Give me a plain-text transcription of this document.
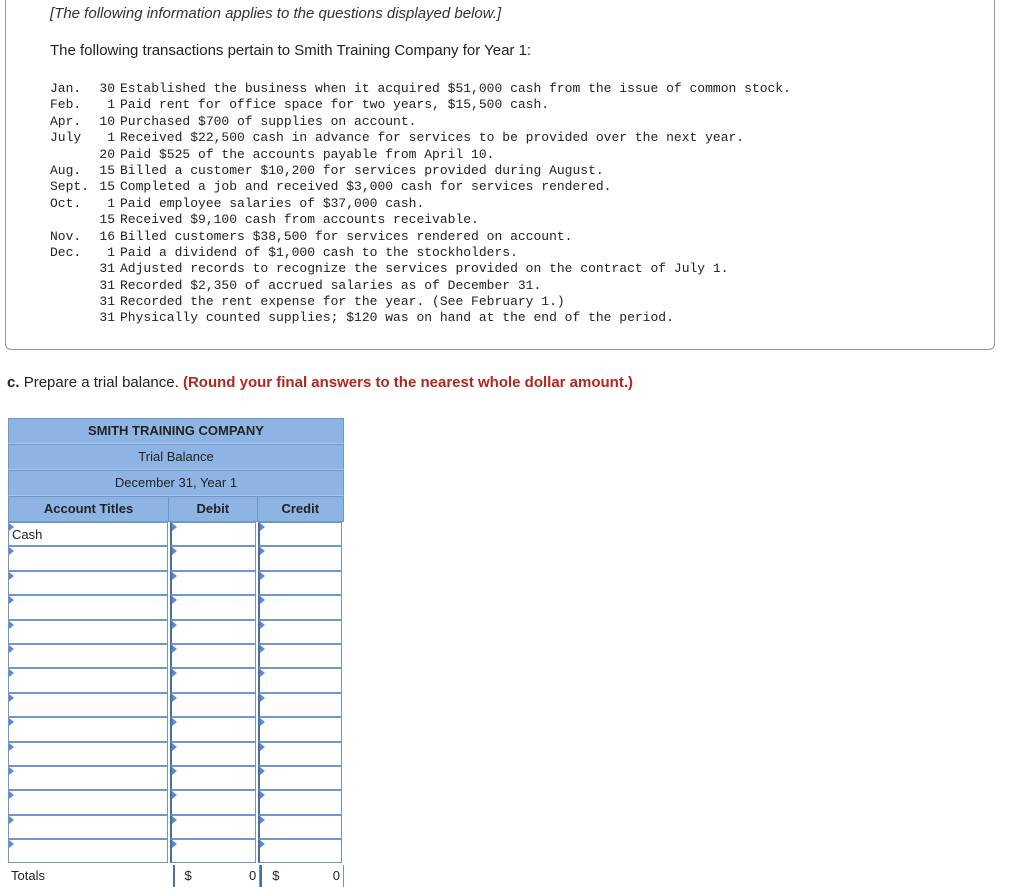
[The following information applies to the questions displayed below.]
The following transactions pertain to Smith Training Company for Year 1:
Jan.	30 Established the business when it acquired $51,000 cash from the issue of common stock.
Feb.	1 Paid rent for office space for two years, $15,500 cash.
Apr.	10 Purchased $700 of supplies on account.
July	1 Received $22,500 cash in advance for services to be provided over the next year.
20 Paid $525 of the accounts payable from April 10.
Aug.	15 Billed a customer $10,200 for services provided during August.
Sept. 15 Completed a job and received $3,000 cash for services rendered.
Oct.	1 Paid employee salaries of $37,000 cash.
15 Received $9,100 cash from accounts receivable.
Nov.	16 Billed customers $38,500 for services rendered on account.
Dec.	1 Paid a dividend of $1,000 cash to the stockholders.
31 Adjusted records to recognize the services provided on the contract of July 1.
31 Recorded $2,350 of accrued salaries as of December 31.
31 Recorded the rent expense for the year. (See February 1.)
31 Physically counted supplies; $120 was on hand at the end of the period.
c. Prepare a trial balance. (Round your final answers to the nearest whole dollar amount.)
SMITH TRAINING COMPANY
Trial Balance
December 31, Year 1
Account Titles	Debit	Credit
Cash
Totals	$	0 $	0
